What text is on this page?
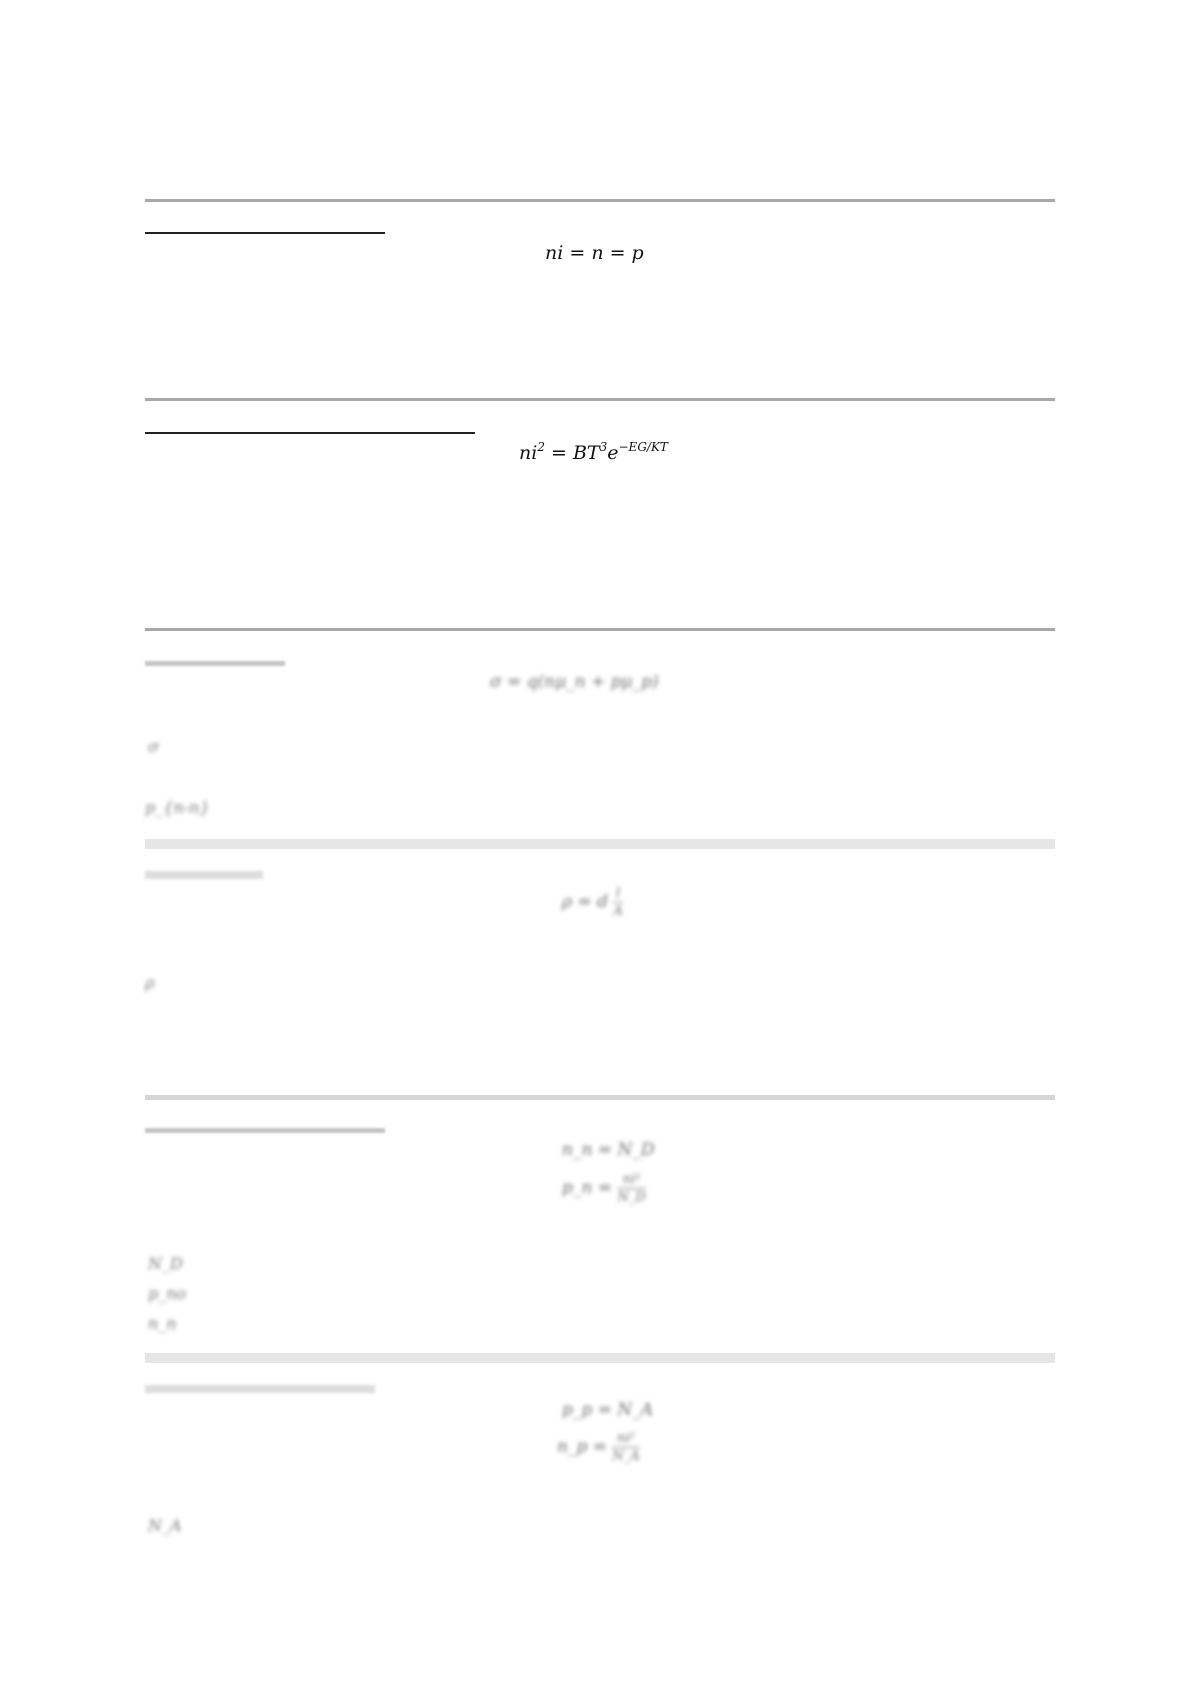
ni = n = p
$ni^2 = BT^3e^{-EG/KT}$
σ = q(nμ_n + pμ_p)
σ
p_{n-n}
ρ = d $\frac{l}{A}$
ρ
n_n = N_D
p_n = $\frac{\text{ni²}}{N\_D}$
N_D
p_no
n_n
p_p = N_A
n_p = $\frac{\text{ni²}}{N\_A}$
N_A
